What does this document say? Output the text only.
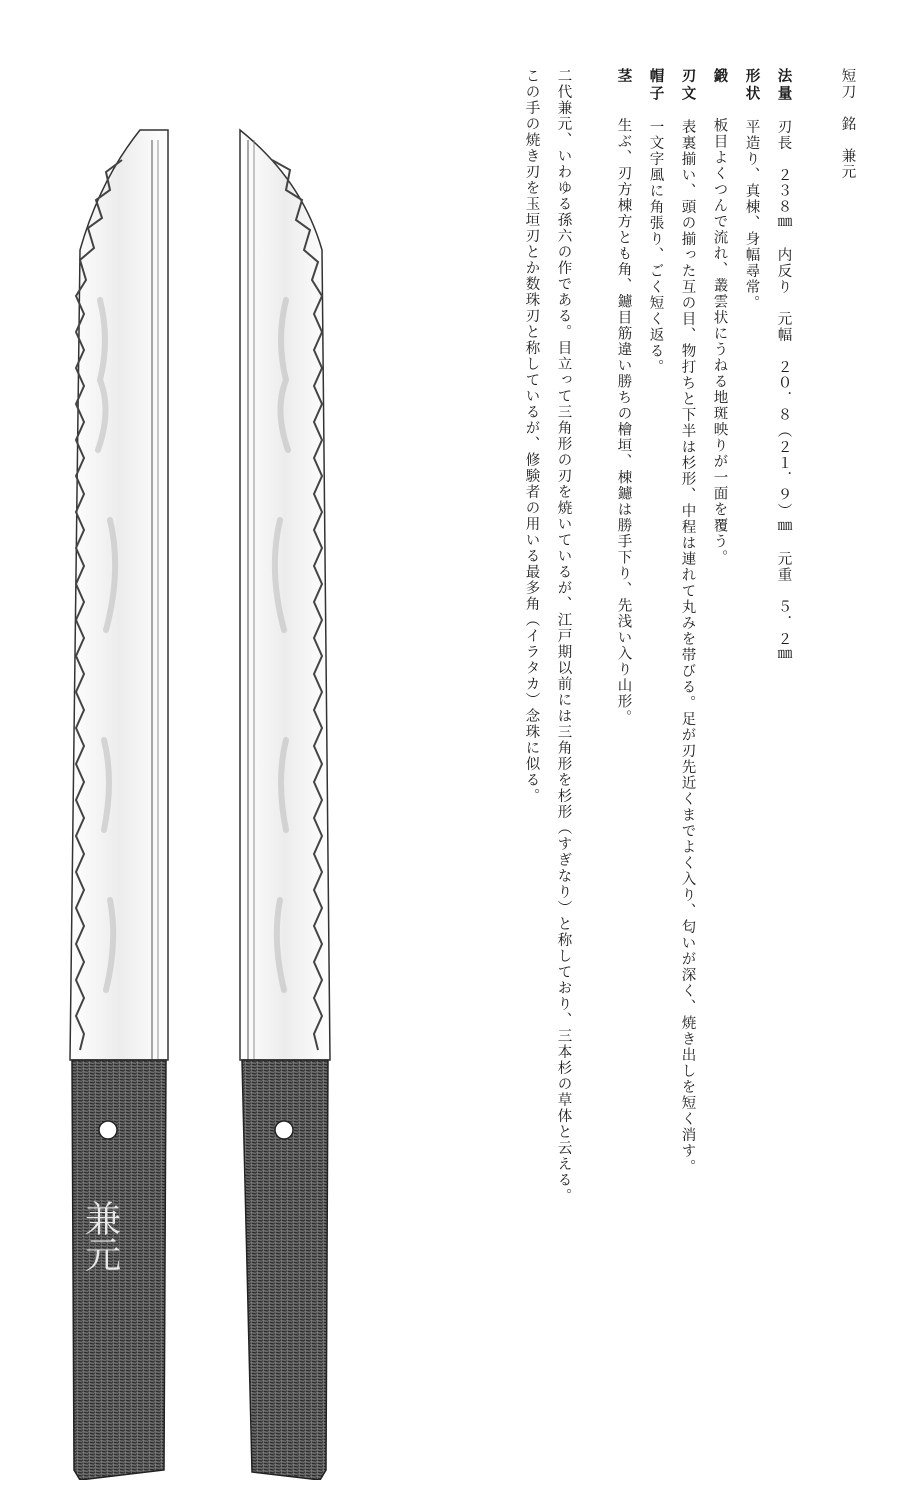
短刀　銘　兼元
法量　刃長　２３８㎜　内反り　元幅　２０．８（２１．９）㎜　元重　５．２㎜
形状　平造り、真棟、身幅尋常。
鍛　　板目よくつんで流れ、叢雲状にうねる地斑映りが一面を覆う。
刃文　表裏揃い、頭の揃った互の目、物打ちと下半は杉形、中程は連れて丸みを帯びる。足が刃先近くまでよく入り、匂いが深く、焼き出しを短く消す。
帽子　一文字風に角張り、ごく短く返る。
茎　　生ぶ、刃方棟方とも角、鑢目筋違い勝ちの檜垣、棟鑢は勝手下り、先浅い入り山形。
二代兼元、いわゆる孫六の作である。目立って三角形の刃を焼いているが、江戸期以前には三角形を杉形（すぎなり）と称しており、三本杉の草体と云える。
この手の焼き刃を玉垣刃とか数珠刃と称しているが、修験者の用いる最多角（イラタカ）念珠に似る。
兼元
